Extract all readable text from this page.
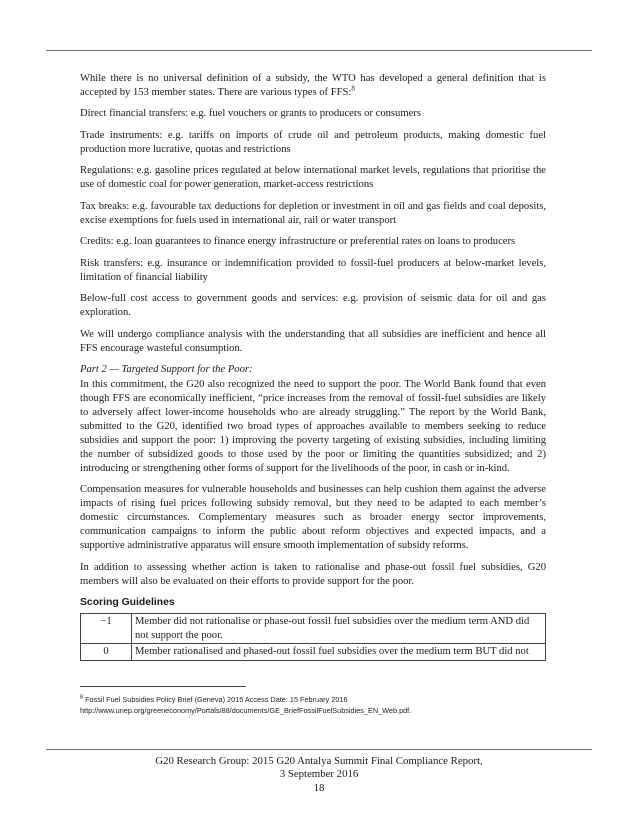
While there is no universal definition of a subsidy, the WTO has developed a general definition that is accepted by 153 member states. There are various types of FFS:$^8$

Direct financial transfers: e.g. fuel vouchers or grants to producers or consumers

Trade instruments: e.g. tariffs on imports of crude oil and petroleum products, making domestic fuel production more lucrative, quotas and restrictions

Regulations: e.g. gasoline prices regulated at below international market levels, regulations that prioritise the use of domestic coal for power generation, market-access restrictions

Tax breaks: e.g. favourable tax deductions for depletion or investment in oil and gas fields and coal deposits, excise exemptions for fuels used in international air, rail or water transport

Credits: e.g. loan guarantees to finance energy infrastructure or preferential rates on loans to producers

Risk transfers: e.g. insurance or indemnification provided to fossil-fuel producers at below-market levels, limitation of financial liability

Below-full cost access to government goods and services: e.g. provision of seismic data for oil and gas exploration.

We will undergo compliance analysis with the understanding that all subsidies are inefficient and hence all FFS encourage wasteful consumption.

Part 2 — Targeted Support for the Poor:

In this commitment, the G20 also recognized the need to support the poor. The World Bank found that even though FFS are economically inefficient, “price increases from the removal of fossil-fuel subsidies are likely to adversely affect lower-income households who are already struggling.” The report by the World Bank, submitted to the G20, identified two broad types of approaches available to members seeking to reduce subsidies and support the poor: 1) improving the poverty targeting of existing subsidies, including limiting the number of subsidized goods to those used by the poor or limiting the quantities subsidized; and 2) introducing or strengthening other forms of support for the livelihoods of the poor, in cash or in-kind.

Compensation measures for vulnerable households and businesses can help cushion them against the adverse impacts of rising fuel prices following subsidy removal, but they need to be adapted to each member’s domestic circumstances. Complementary measures such as broader energy sector improvements, communication campaigns to inform the public about reform objectives and expected impacts, and a supportive administrative apparatus will ensure smooth implementation of subsidy reforms.

In addition to assessing whether action is taken to rationalise and phase-out fossil fuel subsidies, G20 members will also be evaluated on their efforts to provide support for the poor.

Scoring Guidelines
−1	Member did not rationalise or phase-out fossil fuel subsidies over the medium term AND did not support the poor.
0	Member rationalised and phased-out fossil fuel subsidies over the medium term BUT did not
$^8$ Fossil Fuel Subsidies Policy Brief (Geneva) 2015 Access Date: 15 February 2016
http://www.unep.org/greeneconomy/Portals/88/documents/GE_BriefFossilFuelSubsidies_EN_Web.pdf.
G20 Research Group: 2015 G20 Antalya Summit Final Compliance Report,
3 September 2016
18
